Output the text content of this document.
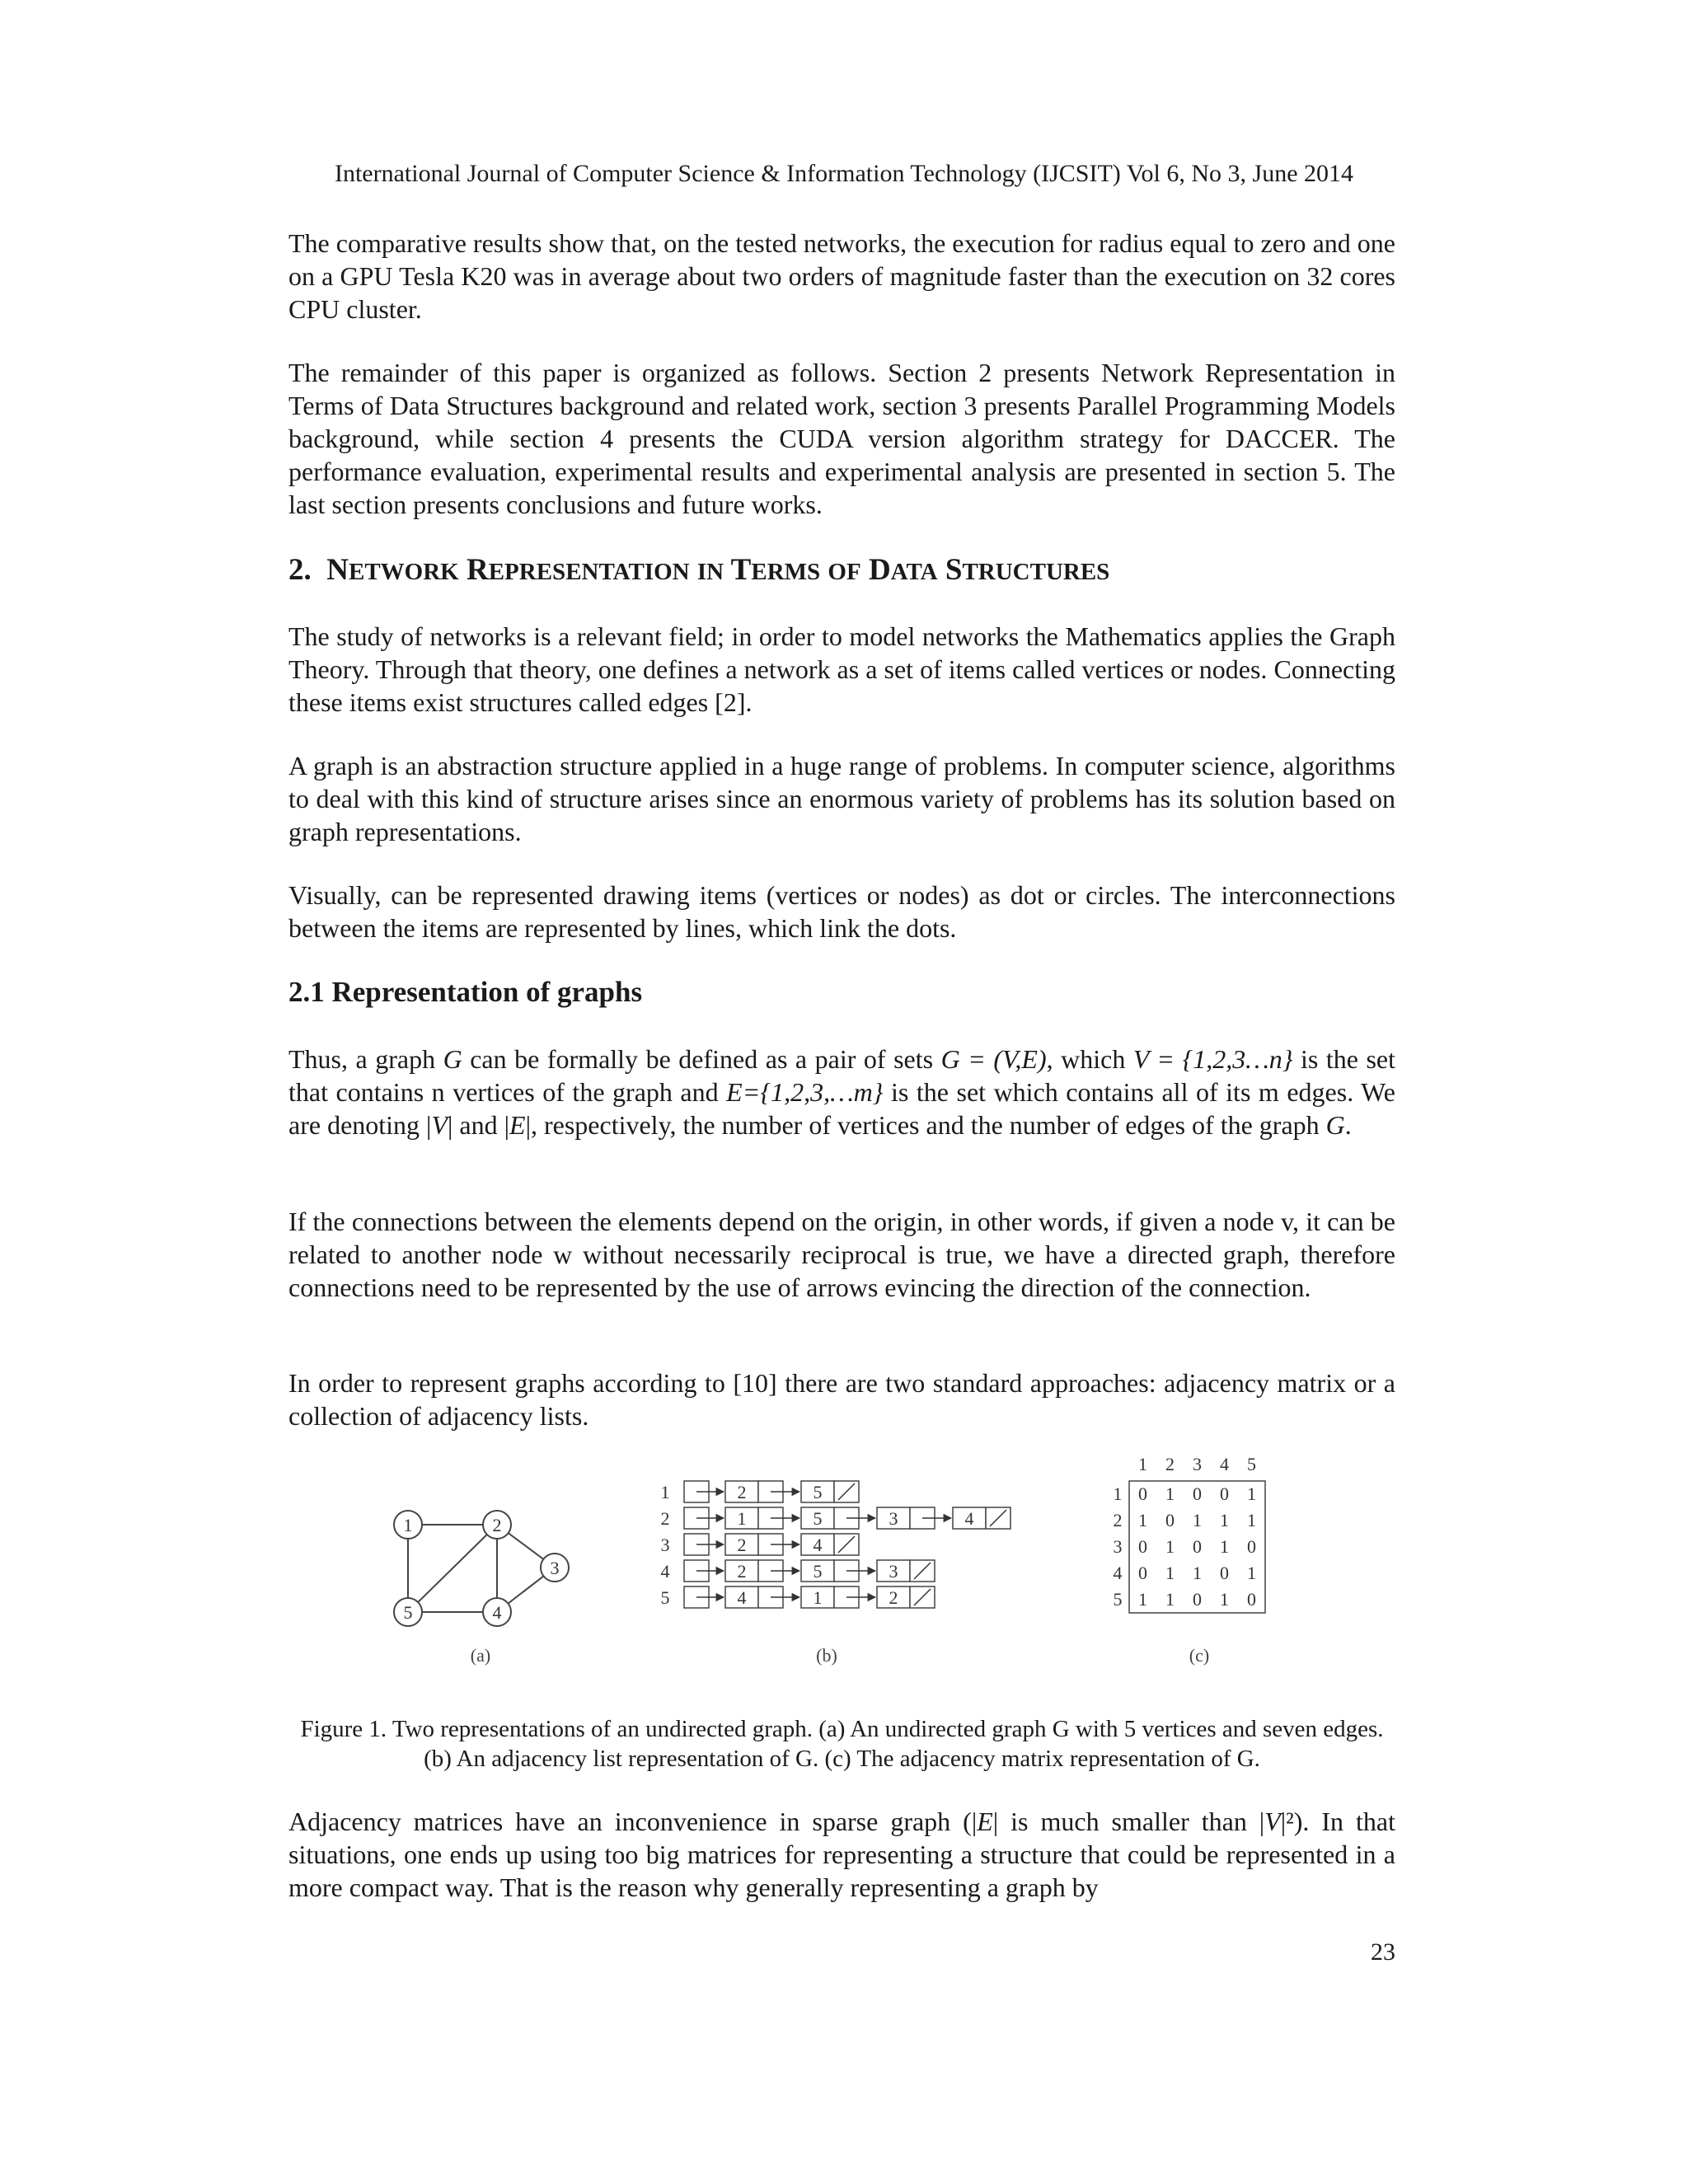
International Journal of Computer Science & Information Technology (IJCSIT) Vol 6, No 3, June 2014

The comparative results show that, on the tested networks, the execution for radius equal to zero and one on a GPU Tesla K20 was in average about two orders of magnitude faster than the execution on 32 cores CPU cluster.

The remainder of this paper is organized as follows. Section 2 presents Network Representation in Terms of Data Structures background and related work, section 3 presents Parallel Programming Models background, while section 4 presents the CUDA version algorithm strategy for DACCER. The performance evaluation, experimental results and experimental analysis are presented in section 5. The last section presents conclusions and future works.

2. NETWORK REPRESENTATION IN TERMS OF DATA STRUCTURES

The study of networks is a relevant field; in order to model networks the Mathematics applies the Graph Theory. Through that theory, one defines a network as a set of items called vertices or nodes. Connecting these items exist structures called edges [2].

A graph is an abstraction structure applied in a huge range of problems. In computer science, algorithms to deal with this kind of structure arises since an enormous variety of problems has its solution based on graph representations.

Visually, can be represented drawing items (vertices or nodes) as dot or circles. The interconnections between the items are represented by lines, which link the dots.

2.1 Representation of graphs

Thus, a graph G can be formally be defined as a pair of sets G = (V,E), which V = {1,2,3…n} is the set that contains n vertices of the graph and E={1,2,3,…m} is the set which contains all of its m edges. We are denoting |V| and |E|, respectively, the number of vertices and the number of edges of the graph G.

If the connections between the elements depend on the origin, in other words, if given a node v, it can be related to another node w without necessarily reciprocal is true, we have a directed graph, therefore connections need to be represented by the use of arrows evincing the direction of the connection.

In order to represent graphs according to [10] there are two standard approaches: adjacency matrix or a collection of adjacency lists.

Adjacency matrices have an inconvenience in sparse graph (|E| is much smaller than |V|²). In that situations, one ends up using too big matrices for representing a structure that could be represented in a more compact way. That is the reason why generally representing a graph by

1	2
3
4
5
1	2	5
2	1	5	3	4
3	2	4
4	2	5	3
5	4	1	2
1 2 3 4 5
1 0 1 0 0 1
2 1 0 1 1 1
3 0 1 0 1 0
4 0 1 1 0 1
5 1 1 0 1 0
(a)	(b)	(c)
Figure 1. Two representations of an undirected graph. (a) An undirected graph G with 5 vertices and seven edges. (b) An adjacency list representation of G. (c) The adjacency matrix representation of G.
23
